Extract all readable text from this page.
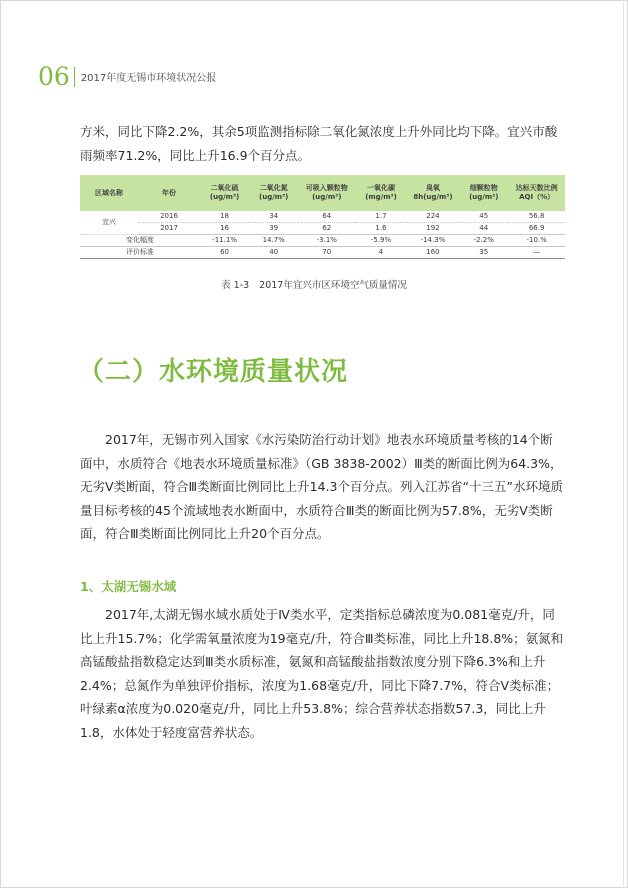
06 2017年度无锡市环境状况公报

方米，同比下降2.2%，其余5项监测指标除二氧化氮浓度上升外同比均下降。宜兴市酸雨频率71.2%，同比上升16.9个百分点。

区域名称	年份	二氧化硫(ug/m³)	二氧化氮(ug/m³)	可吸入颗粒物(ug/m³)	一氧化碳(mg/m³)	臭氧 8h(ug/m³)	细颗粒物(ug/m³)	达标天数比例AQI（%）
宜兴	2016	18	34	64	1.7	224	45	56.8
	2017	16	39	62	1.6	192	44	66.9
变化幅度		-11.1%	14.7%	-3.1%	-5.9%	-14.3%	-2.2%	-10.%
评价标准		60	40	70	4	160	35	—
表 1-3 2017年宜兴市区环境空气质量情况
（二）水环境质量状况

2017年，无锡市列入国家《水污染防治行动计划》地表水环境质量考核的14个断面中，水质符合《地表水环境质量标准》（GB 3838-2002）Ⅲ类的断面比例为64.3%，无劣Ⅴ类断面，符合Ⅲ类断面比例同比上升14.3个百分点。列入江苏省“十三五”水环境质量目标考核的45个流域地表水断面中，水质符合Ⅲ类的断面比例为57.8%，无劣Ⅴ类断面，符合Ⅲ类断面比例同比上升20个百分点。

1、太湖无锡水域

2017年,太湖无锡水域水质处于Ⅳ类水平，定类指标总磷浓度为0.081毫克/升，同比上升15.7%；化学需氧量浓度为19毫克/升，符合Ⅲ类标准，同比上升18.8%；氨氮和高锰酸盐指数稳定达到Ⅲ类水质标准，氨氮和高锰酸盐指数浓度分别下降6.3%和上升2.4%；总氮作为单独评价指标，浓度为1.68毫克/升，同比下降7.7%，符合Ⅴ类标准；叶绿素α浓度为0.020毫克/升，同比上升53.8%；综合营养状态指数57.3，同比上升1.8，水体处于轻度富营养状态。
